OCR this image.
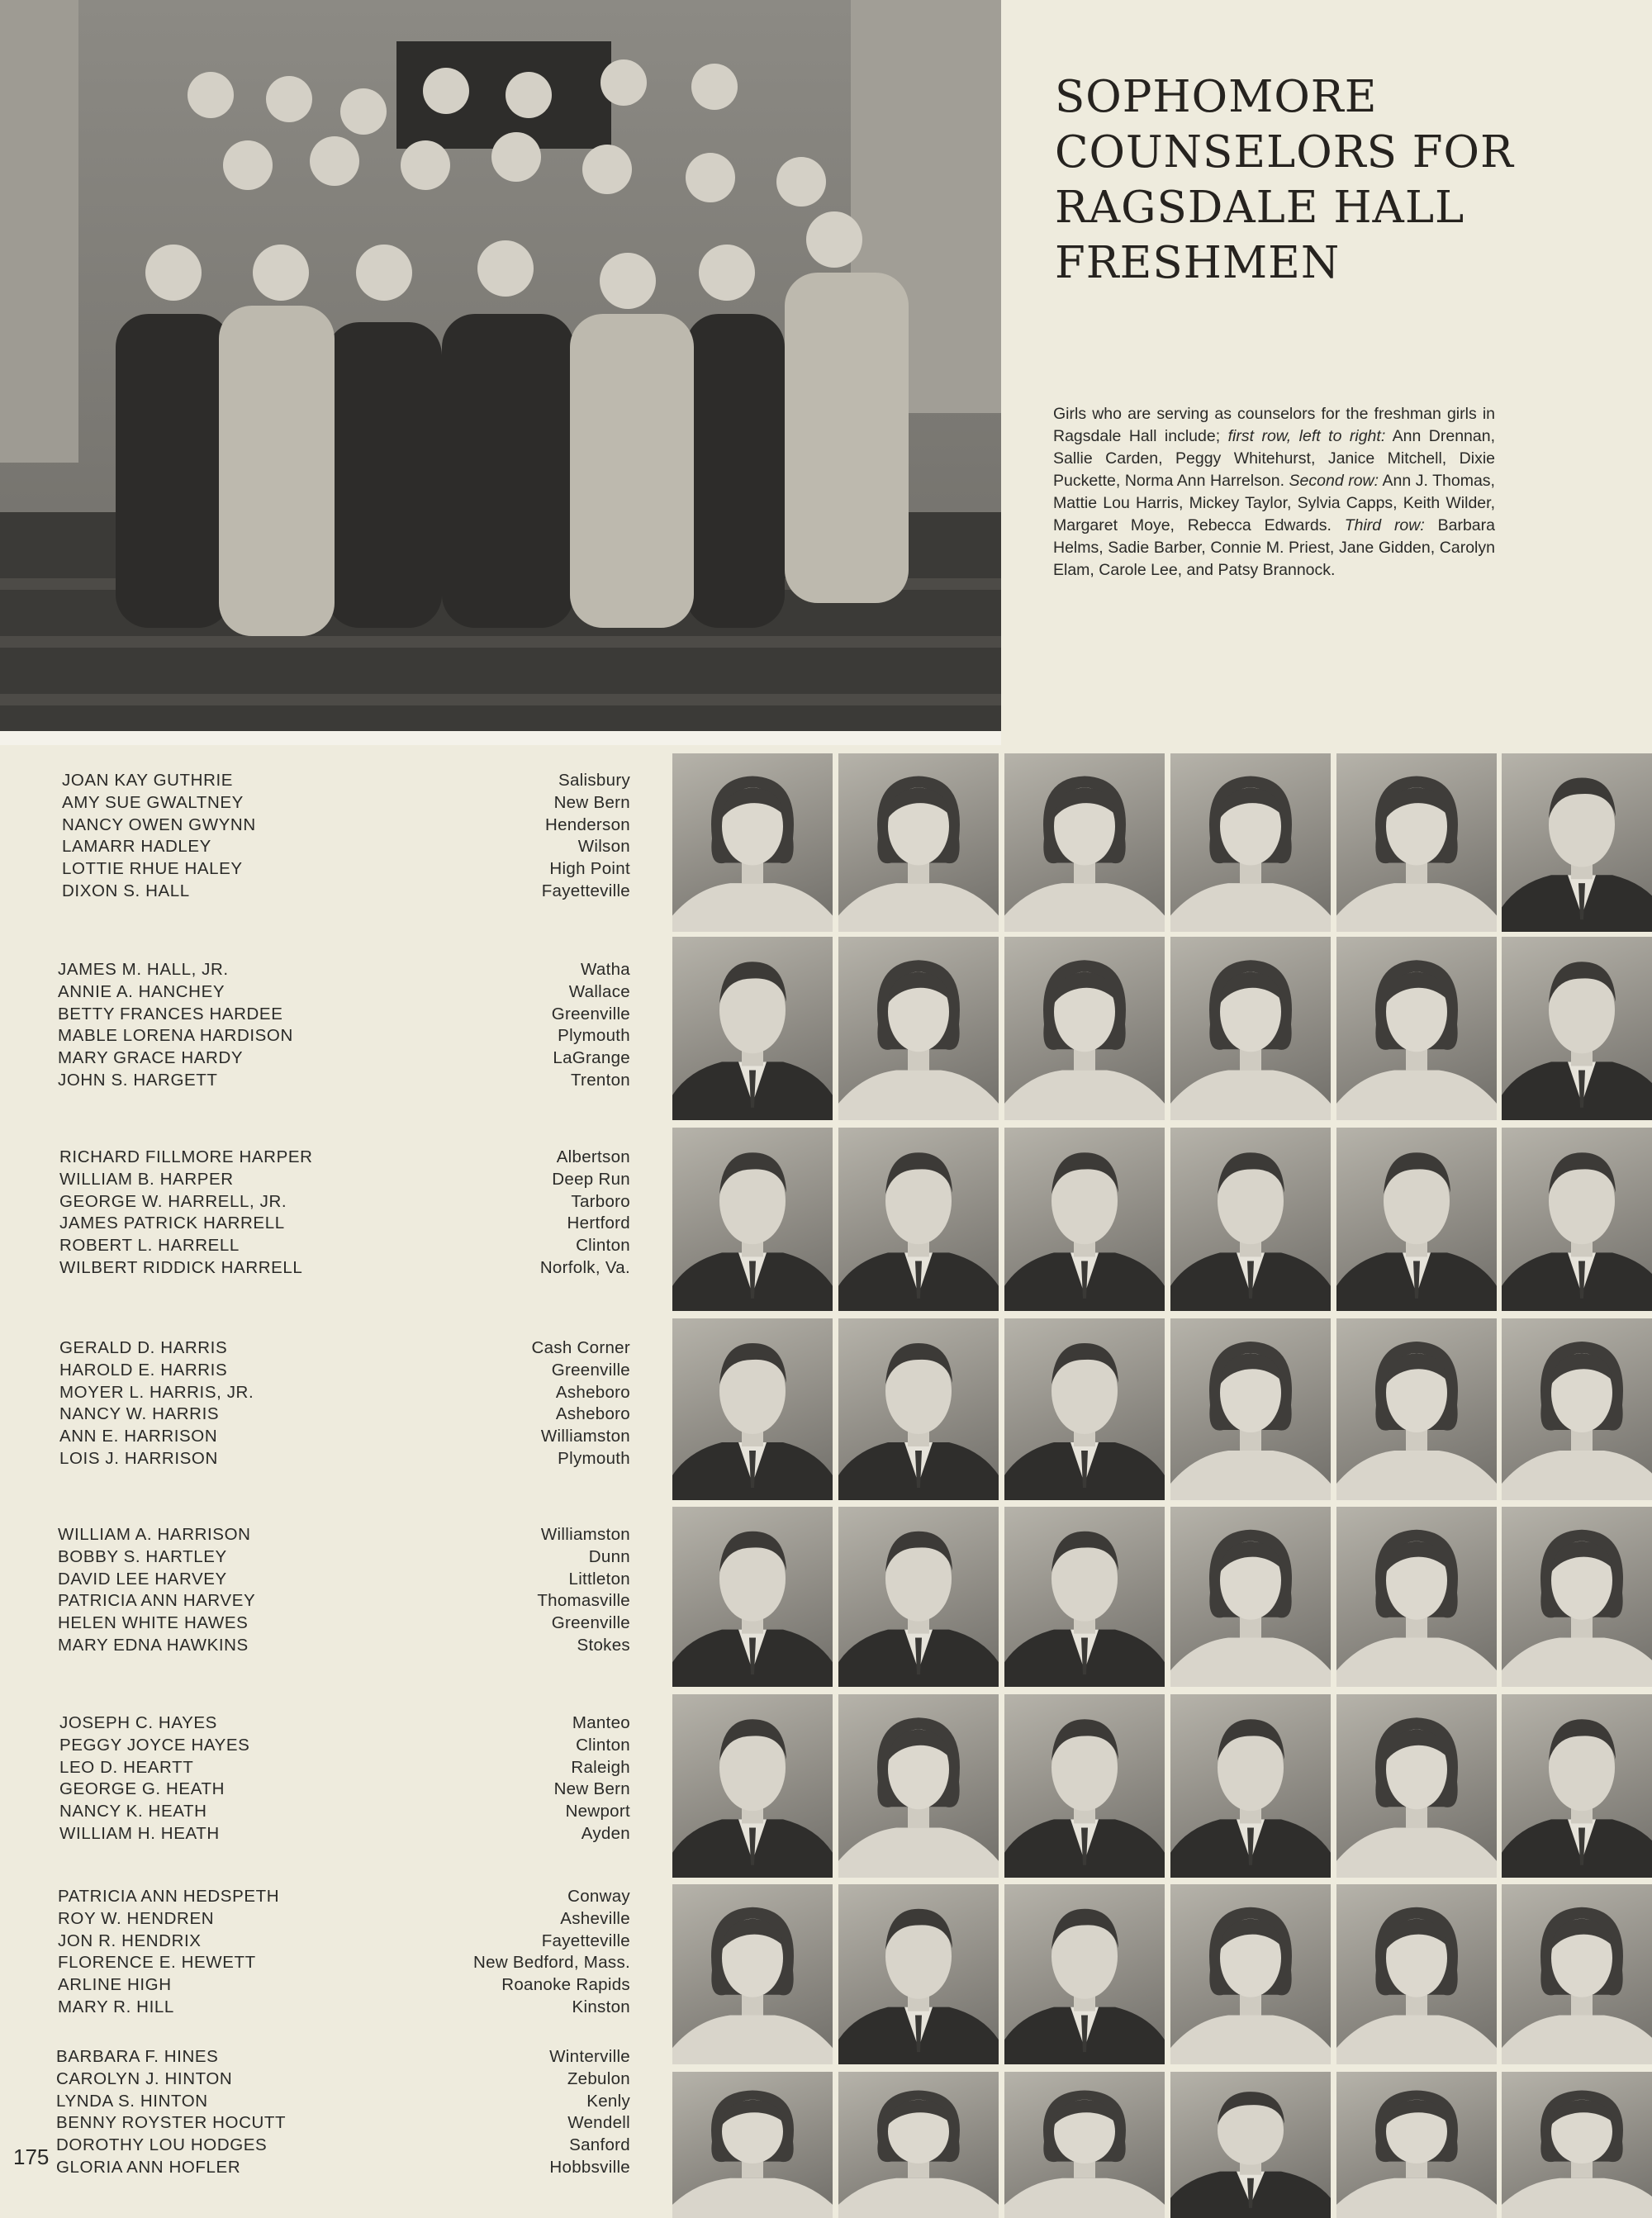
SOPHOMORE
COUNSELORS FOR
RAGSDALE HALL
FRESHMEN

Girls who are serving as counselors for the freshman girls in Ragsdale Hall include; first row, left to right: Ann Drennan, Sallie Carden, Peggy Whitehurst, Janice Mitchell, Dixie Puckette, Norma Ann Harrelson. Second row: Ann J. Thomas, Mattie Lou Harris, Mickey Taylor, Sylvia Capps, Keith Wilder, Margaret Moye, Rebecca Edwards. Third row: Barbara Helms, Sadie Barber, Connie M. Priest, Jane Gidden, Carolyn Elam, Carole Lee, and Patsy Brannock.

JOAN KAY GUTHRIE	Salisbury
AMY SUE GWALTNEY	New Bern
NANCY OWEN GWYNN	Henderson
LAMARR HADLEY	Wilson
LOTTIE RHUE HALEY	High Point
DIXON S. HALL	Fayetteville
JAMES M. HALL, JR.	Watha
ANNIE A. HANCHEY	Wallace
BETTY FRANCES HARDEE	Greenville
MABLE LORENA HARDISON	Plymouth
MARY GRACE HARDY	LaGrange
JOHN S. HARGETT	Trenton
RICHARD FILLMORE HARPER	Albertson
WILLIAM B. HARPER	Deep Run
GEORGE W. HARRELL, JR.	Tarboro
JAMES PATRICK HARRELL	Hertford
ROBERT L. HARRELL	Clinton
WILBERT RIDDICK HARRELL	Norfolk, Va.
GERALD D. HARRIS	Cash Corner
HAROLD E. HARRIS	Greenville
MOYER L. HARRIS, JR.	Asheboro
NANCY W. HARRIS	Asheboro
ANN E. HARRISON	Williamston
LOIS J. HARRISON	Plymouth
WILLIAM A. HARRISON	Williamston
BOBBY S. HARTLEY	Dunn
DAVID LEE HARVEY	Littleton
PATRICIA ANN HARVEY	Thomasville
HELEN WHITE HAWES	Greenville
MARY EDNA HAWKINS	Stokes
JOSEPH C. HAYES	Manteo
PEGGY JOYCE HAYES	Clinton
LEO D. HEARTT	Raleigh
GEORGE G. HEATH	New Bern
NANCY K. HEATH	Newport
WILLIAM H. HEATH	Ayden
PATRICIA ANN HEDSPETH	Conway
ROY W. HENDREN	Asheville
JON R. HENDRIX	Fayetteville
FLORENCE E. HEWETT	New Bedford, Mass.
ARLINE HIGH	Roanoke Rapids
MARY R. HILL	Kinston
BARBARA F. HINES	Winterville
CAROLYN J. HINTON	Zebulon
LYNDA S. HINTON	Kenly
BENNY ROYSTER HOCUTT	Wendell
DOROTHY LOU HODGES	Sanford
GLORIA ANN HOFLER	Hobbsville
175
